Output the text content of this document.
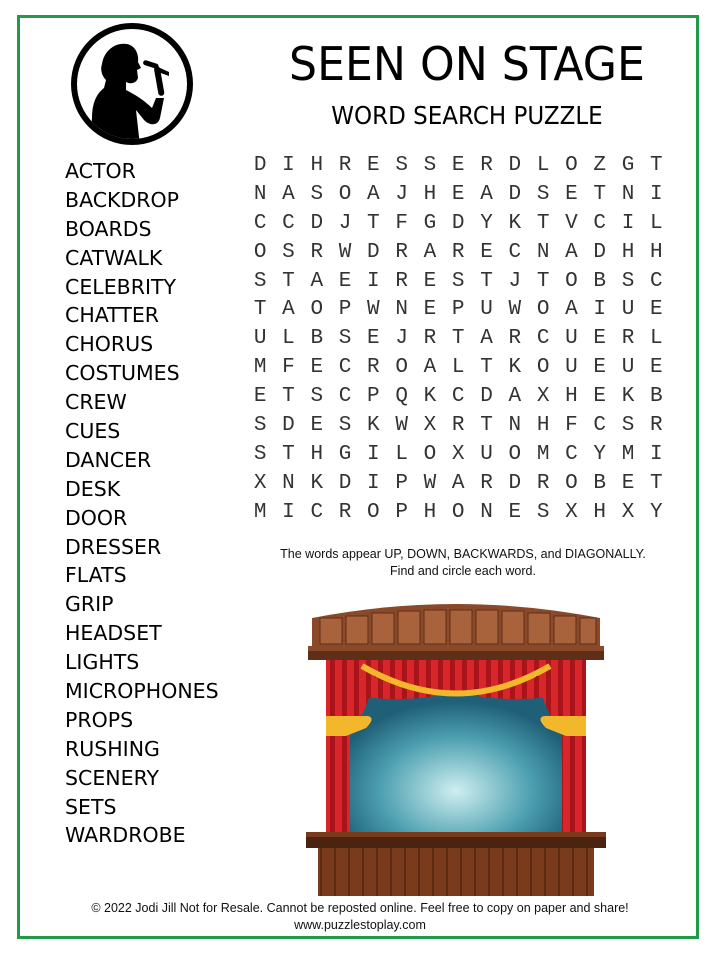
SEEN ON STAGE
WORD SEARCH PUZZLE
ACTOR
BACKDROP
BOARDS
CATWALK
CELEBRITY
CHATTER
CHORUS
COSTUMES
CREW
CUES
DANCER
DESK
DOOR
DRESSER
FLATS
GRIP
HEADSET
LIGHTS
MICROPHONES
PROPS
RUSHING
SCENERY
SETS
WARDROBE
D	I	H	R	E	S	S	E	R	D	L	O	Z	G	T
N	A	S	O	A	J	H	E	A	D	S	E	T	N	I
C	C	D	J	T	F	G	D	Y	K	T	V	C	I	L
O	S	R	W	D	R	A	R	E	C	N	A	D	H	H
S	T	A	E	I	R	E	S	T	J	T	O	B	S	C
T	A	O	P	W	N	E	P	U	W	O	A	I	U	E
U	L	B	S	E	J	R	T	A	R	C	U	E	R	L
M	F	E	C	R	O	A	L	T	K	O	U	E	U	E
E	T	S	C	P	Q	K	C	D	A	X	H	E	K	B
S	D	E	S	K	W	X	R	T	N	H	F	C	S	R
S	T	H	G	I	L	O	X	U	O	M	C	Y	M	I
X	N	K	D	I	P	W	A	R	D	R	O	B	E	T
M	I	C	R	O	P	H	O	N	E	S	X	H	X	Y
The words appear UP, DOWN, BACKWARDS, and DIAGONALLY.
Find and circle each word.
© 2022 Jodi Jill Not for Resale. Cannot be reposted online. Feel free to copy on paper and share!
www.puzzlestoplay.com
